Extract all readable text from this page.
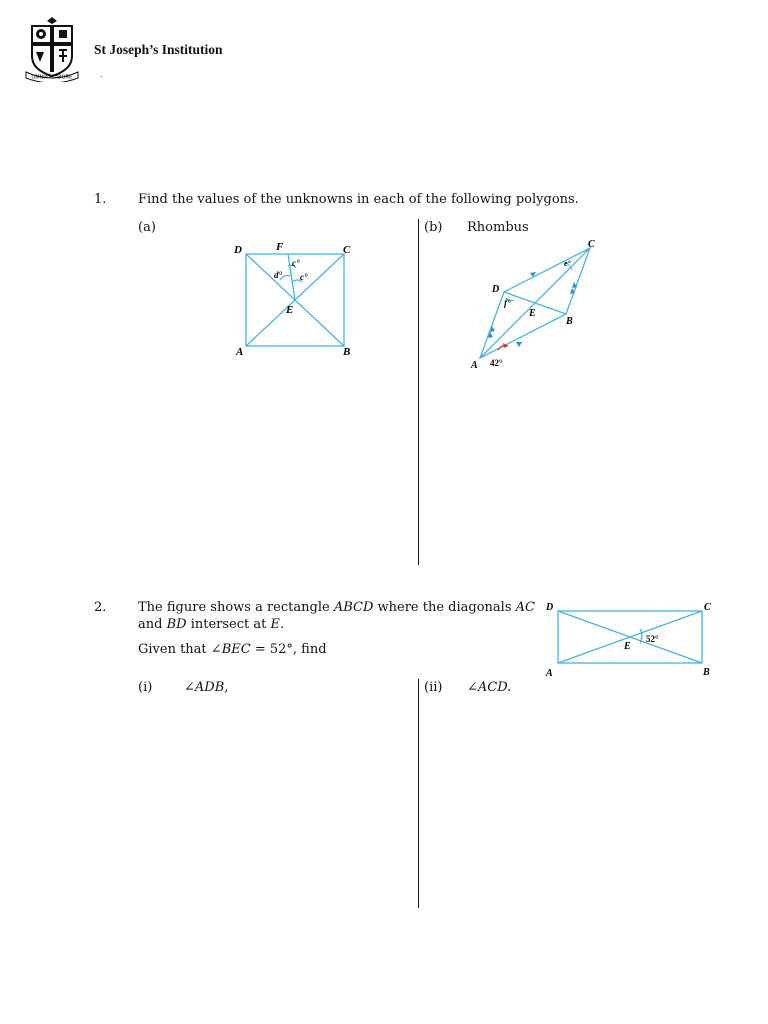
OMNIA • LABORE
St Joseph’s Institution
.
1. Find the values of the unknowns in each of the following polygons.
(a)	(b) Rhombus
D	F	C
A	B
E
c°
c°
d°
C
D
E
B
A
e°
f°
42°
2. The figure shows a rectangle ABCD where the diagonals AC
and BD intersect at E.
Given that ∠BEC = 52°, find
(i) ∠ADB,	(ii) ∠ACD.
D	C
A	B
E
52°
